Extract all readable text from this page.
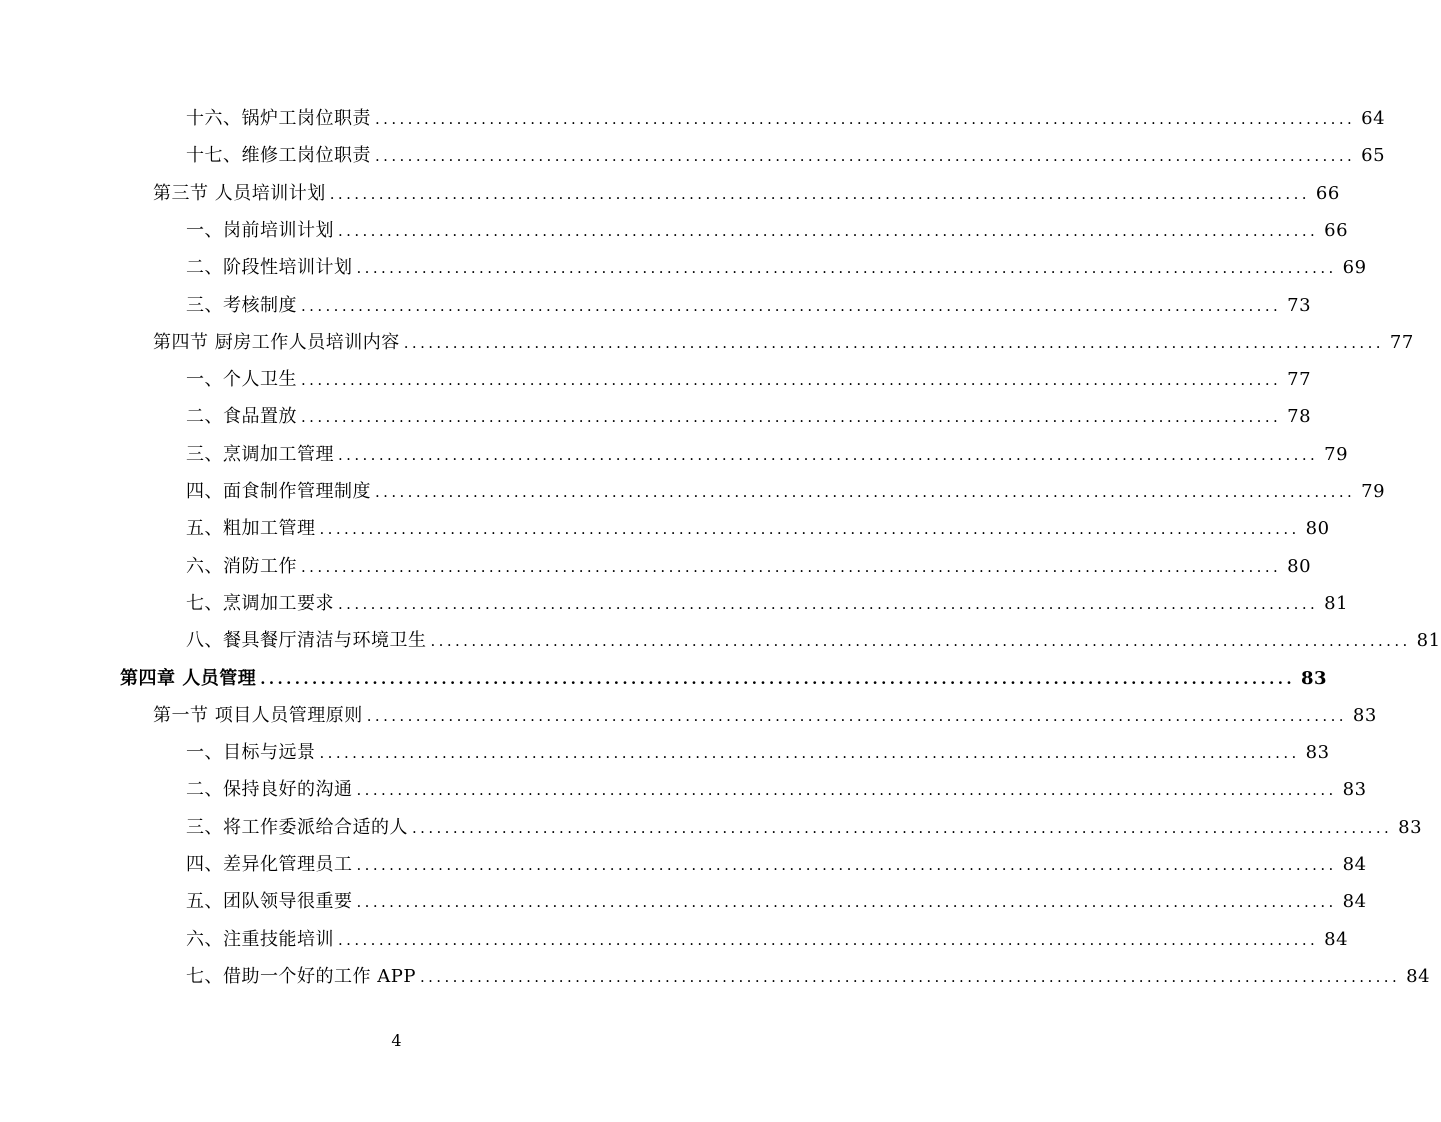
十六、锅炉工岗位职责 ........................................................................................................................ 64
十七、维修工岗位职责 ........................................................................................................................ 65
第三节 人员培训计划 ........................................................................................................................ 66
一、岗前培训计划 ........................................................................................................................ 66
二、阶段性培训计划 ........................................................................................................................ 69
三、考核制度 ........................................................................................................................ 73
第四节 厨房工作人员培训内容 ........................................................................................................................ 77
一、个人卫生 ........................................................................................................................ 77
二、食品置放 ........................................................................................................................ 78
三、烹调加工管理 ........................................................................................................................ 79
四、面食制作管理制度 ........................................................................................................................ 79
五、粗加工管理 ........................................................................................................................ 80
六、消防工作 ........................................................................................................................ 80
七、烹调加工要求 ........................................................................................................................ 81
八、餐具餐厅清洁与环境卫生 ........................................................................................................................ 81
第四章 人员管理 ........................................................................................................................ 83
第一节 项目人员管理原则 ........................................................................................................................ 83
一、目标与远景 ........................................................................................................................ 83
二、保持良好的沟通 ........................................................................................................................ 83
三、将工作委派给合适的人 ........................................................................................................................ 83
四、差异化管理员工 ........................................................................................................................ 84
五、团队领导很重要 ........................................................................................................................ 84
六、注重技能培训 ........................................................................................................................ 84
七、借助一个好的工作 APP ........................................................................................................................ 84
4
